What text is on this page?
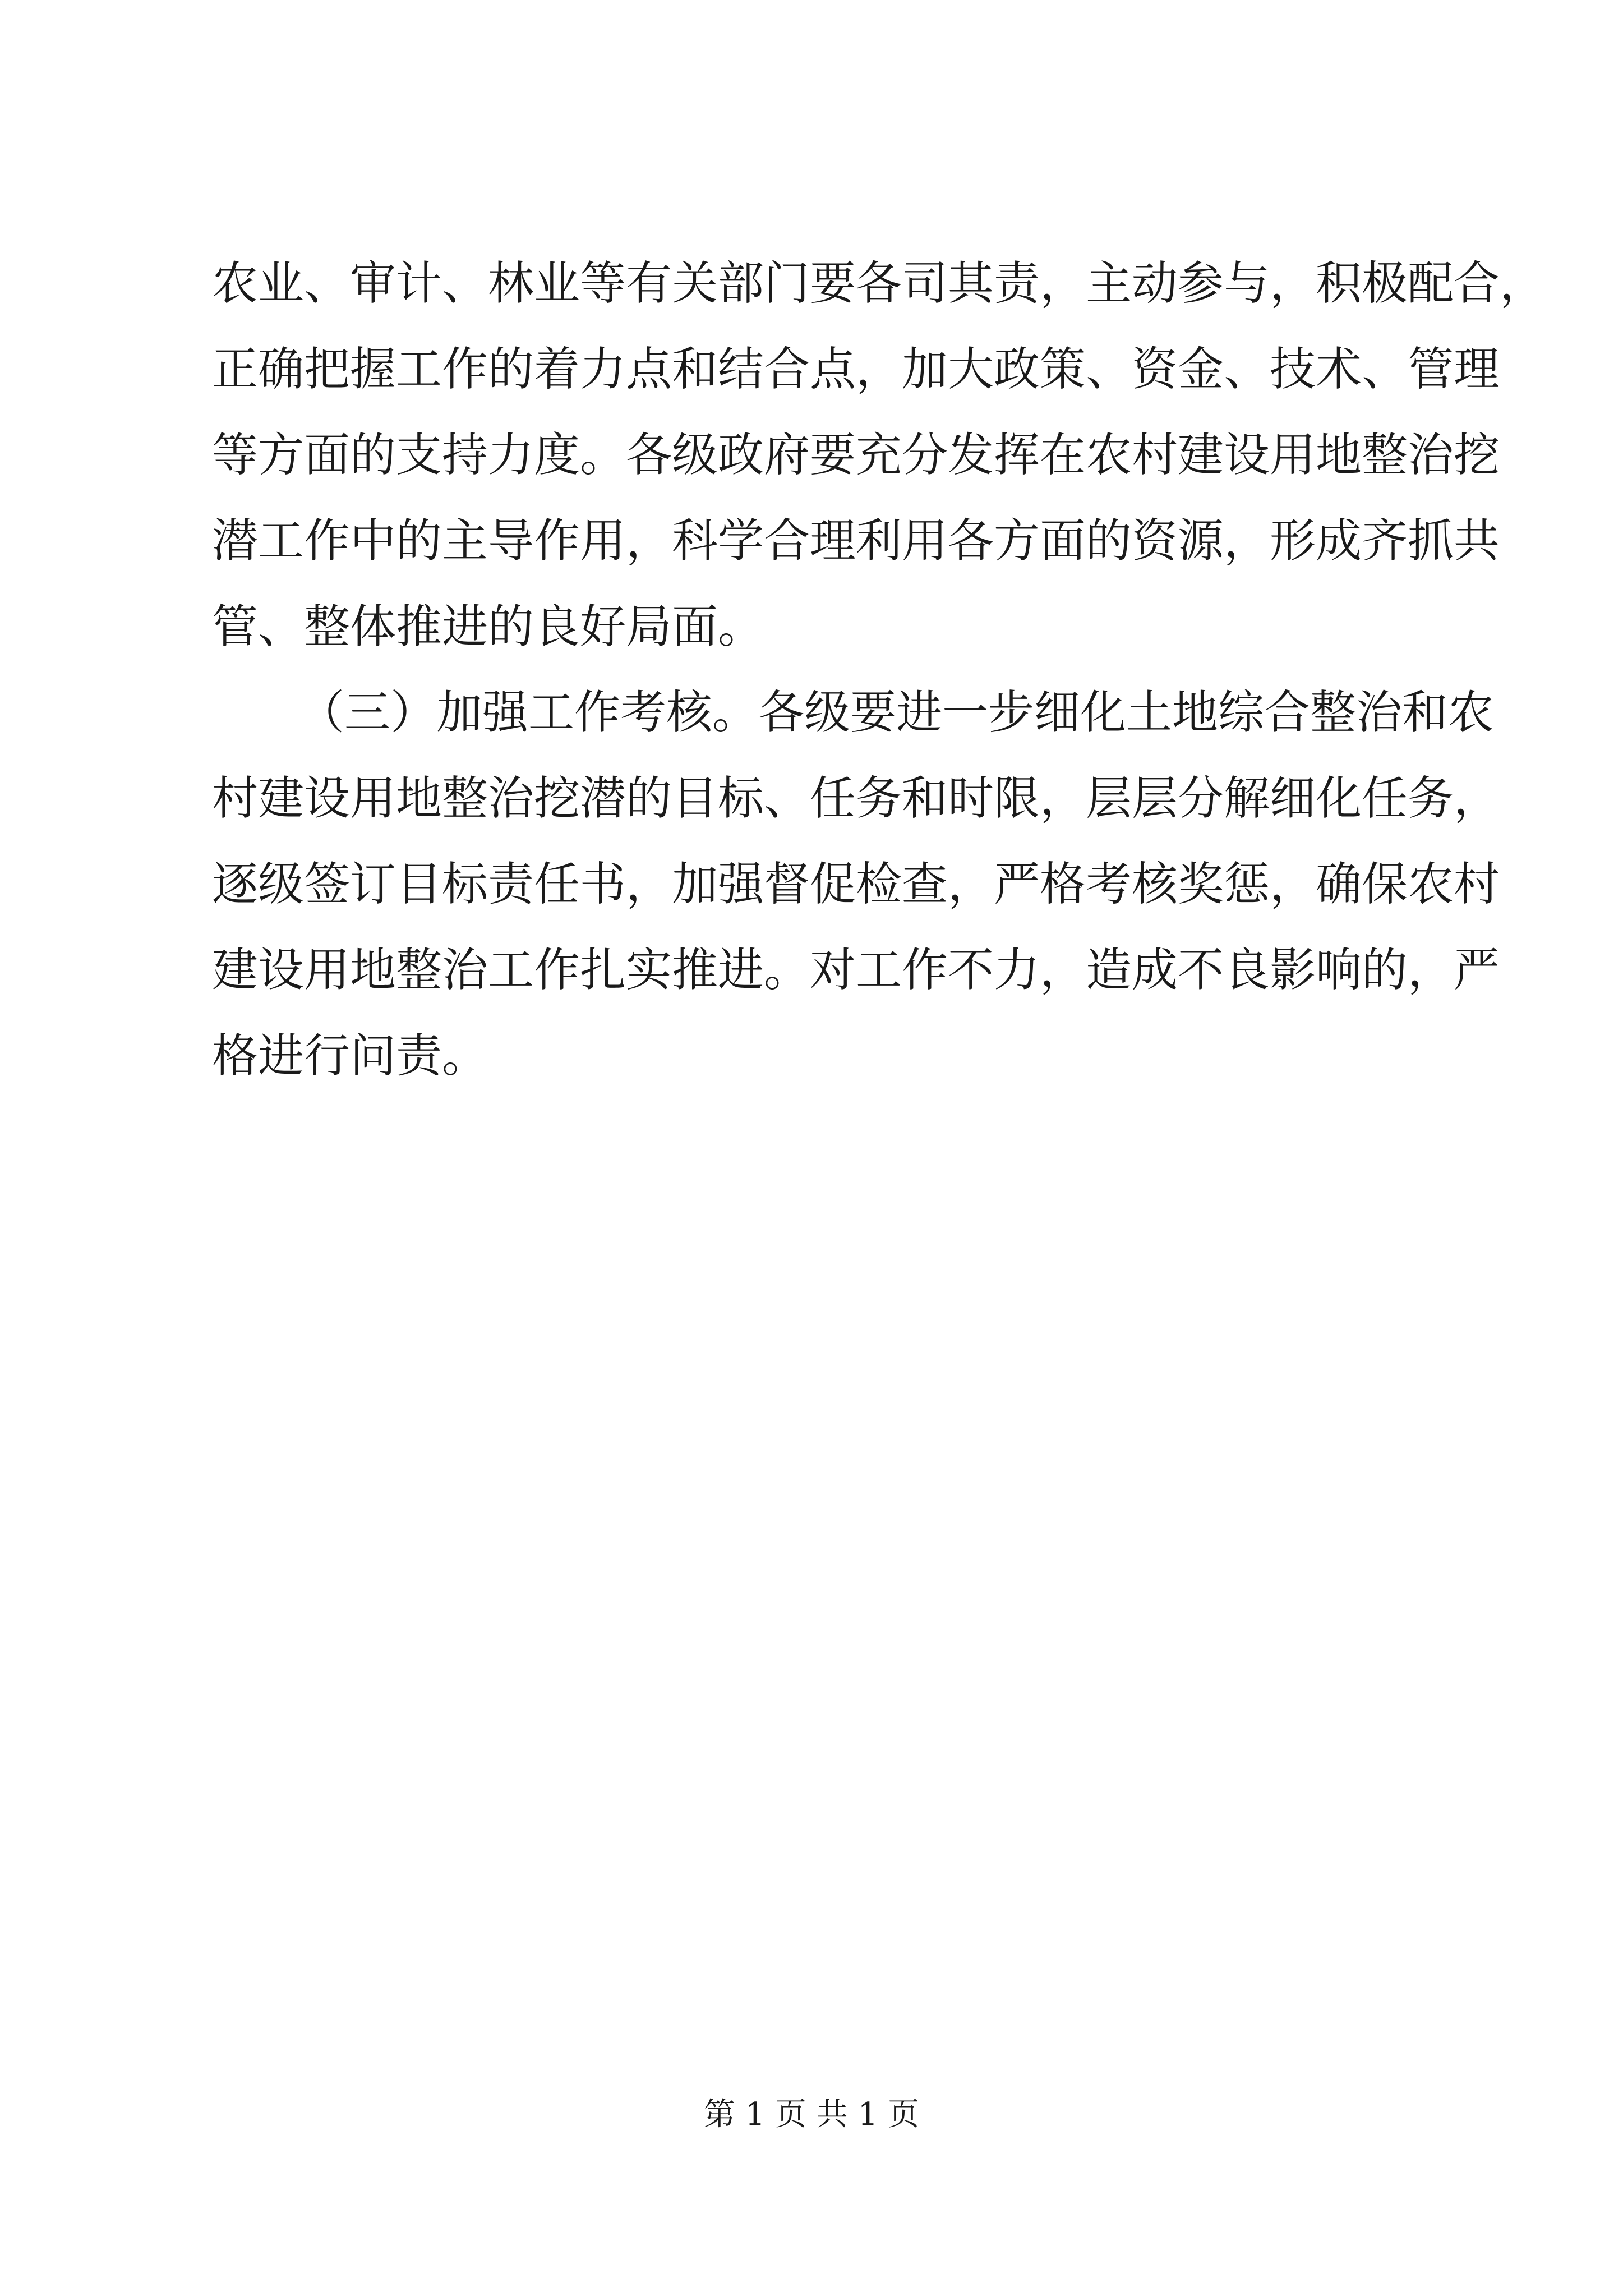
农业、审计、林业等有关部门要各司其责，主动参与，积极配合，
正确把握工作的着力点和结合点，加大政策、资金、技术、管理
等方面的支持力度。各级政府要充分发挥在农村建设用地整治挖
潜工作中的主导作用，科学合理利用各方面的资源，形成齐抓共
管、整体推进的良好局面。
（三）加强工作考核。各级要进一步细化土地综合整治和农
村建设用地整治挖潜的目标、任务和时限，层层分解细化任务，
逐级签订目标责任书，加强督促检查，严格考核奖惩，确保农村
建设用地整治工作扎实推进。对工作不力，造成不良影响的，严
格进行问责。
第 1 页 共 1 页
